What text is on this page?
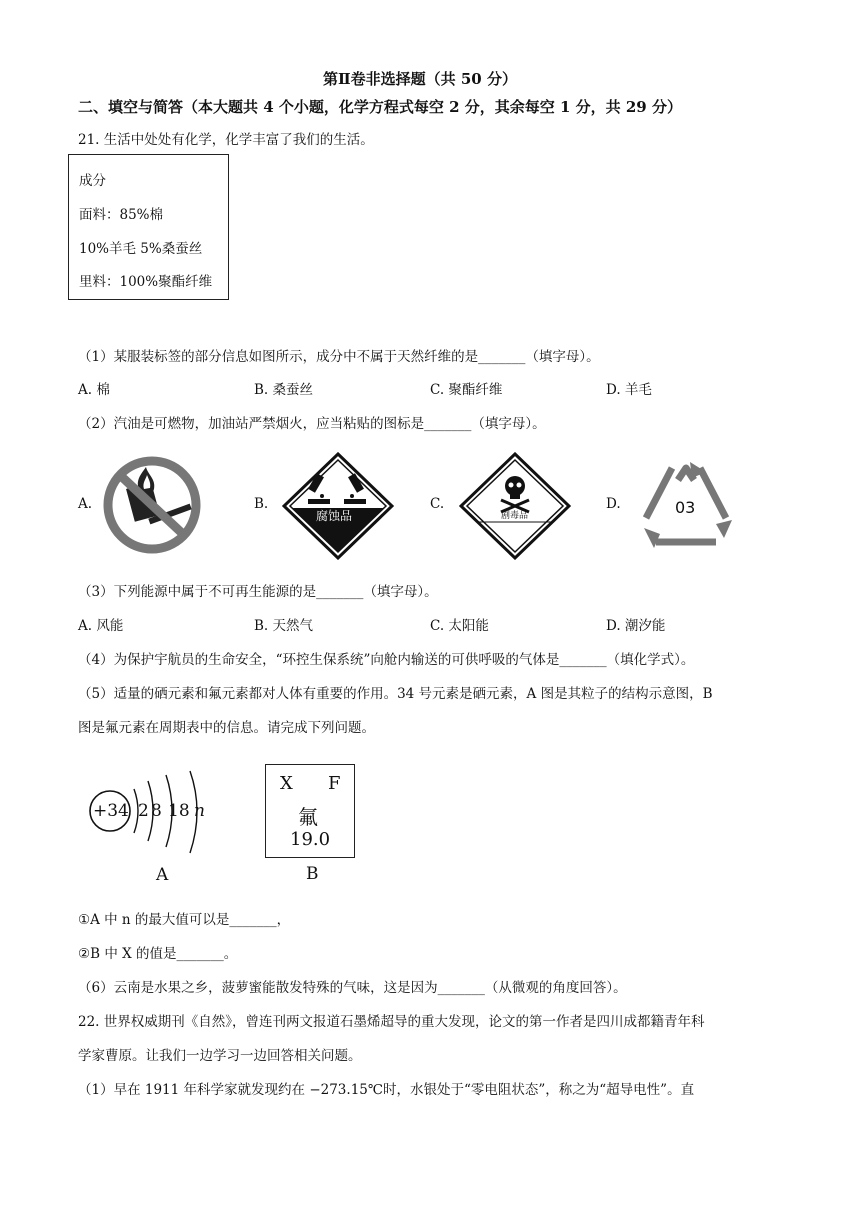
第Ⅱ卷非选择题（共 50 分）
二、填空与简答（本大题共 4 个小题，化学方程式每空 2 分，其余每空 1 分，共 29 分）
21. 生活中处处有化学，化学丰富了我们的生活。
成分
面料：85%棉
10%羊毛 5%桑蚕丝
里料：100%聚酯纤维
（1）某服装标签的部分信息如图所示，成分中不属于天然纤维的是_______（填字母）。
A. 棉	B. 桑蚕丝	C. 聚酯纤维	D. 羊毛
（2）汽油是可燃物，加油站严禁烟火，应当粘贴的图标是_______（填字母）。
A.	B.	C.	D.
腐蚀品	剧毒品	03
（3）下列能源中属于不可再生能源的是_______（填字母）。
A. 风能	B. 天然气	C. 太阳能	D. 潮汐能
（4）为保护宇航员的生命安全，“环控生保系统”向舱内输送的可供呼吸的气体是_______（填化学式）。
（5）适量的硒元素和氟元素都对人体有重要的作用。34 号元素是硒元素，A 图是其粒子的结构示意图，B
图是氟元素在周期表中的信息。请完成下列问题。
+34 2 8 18 n
A
X F
氟
19.0
B
①A 中 n 的最大值可以是_______，
②B 中 X 的值是_______。
（6）云南是水果之乡，菠萝蜜能散发特殊的气味，这是因为_______（从微观的角度回答）。
22. 世界权威期刊《自然》，曾连刊两文报道石墨烯超导的重大发现，论文的第一作者是四川成都籍青年科
学家曹原。让我们一边学习一边回答相关问题。
（1）早在 1911 年科学家就发现约在 −273.15℃时，水银处于“零电阻状态”，称之为“超导电性”。直
